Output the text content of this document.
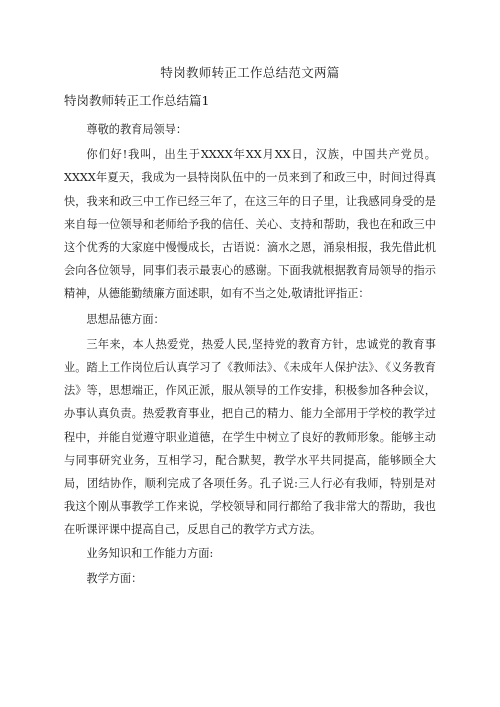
特岗教师转正工作总结范文两篇
特岗教师转正工作总结篇1

尊敬的教育局领导：

你们好!我叫，出生于XXXX年XX月XX日，汉族，中国共产党员。XXXX年夏天，我成为一县特岗队伍中的一员来到了和政三中，时间过得真快，我来和政三中工作已经三年了，在这三年的日子里，让我感同身受的是来自每一位领导和老师给予我的信任、关心、支持和帮助，我也在和政三中这个优秀的大家庭中慢慢成长，古语说：滴水之恩，涌泉相报，我先借此机会向各位领导，同事们表示最衷心的感谢。下面我就根据教育局领导的指示精神，从德能勤绩廉方面述职，如有不当之处,敬请批评指正：

思想品德方面：

三年来，本人热爱党，热爱人民,坚持党的教育方针，忠诚党的教育事业。踏上工作岗位后认真学习了《教师法》、《未成年人保护法》、《义务教育法》等，思想端正，作风正派，服从领导的工作安排，积极参加各种会议，办事认真负责。热爱教育事业，把自己的精力、能力全部用于学校的教学过程中，并能自觉遵守职业道德，在学生中树立了良好的教师形象。能够主动与同事研究业务，互相学习，配合默契，教学水平共同提高，能够顾全大局，团结协作，顺利完成了各项任务。孔子说:三人行必有我师，特别是对我这个刚从事教学工作来说，学校领导和同行都给了我非常大的帮助，我也在听课评课中提高自己，反思自己的教学方式方法。

业务知识和工作能力方面:

教学方面：
